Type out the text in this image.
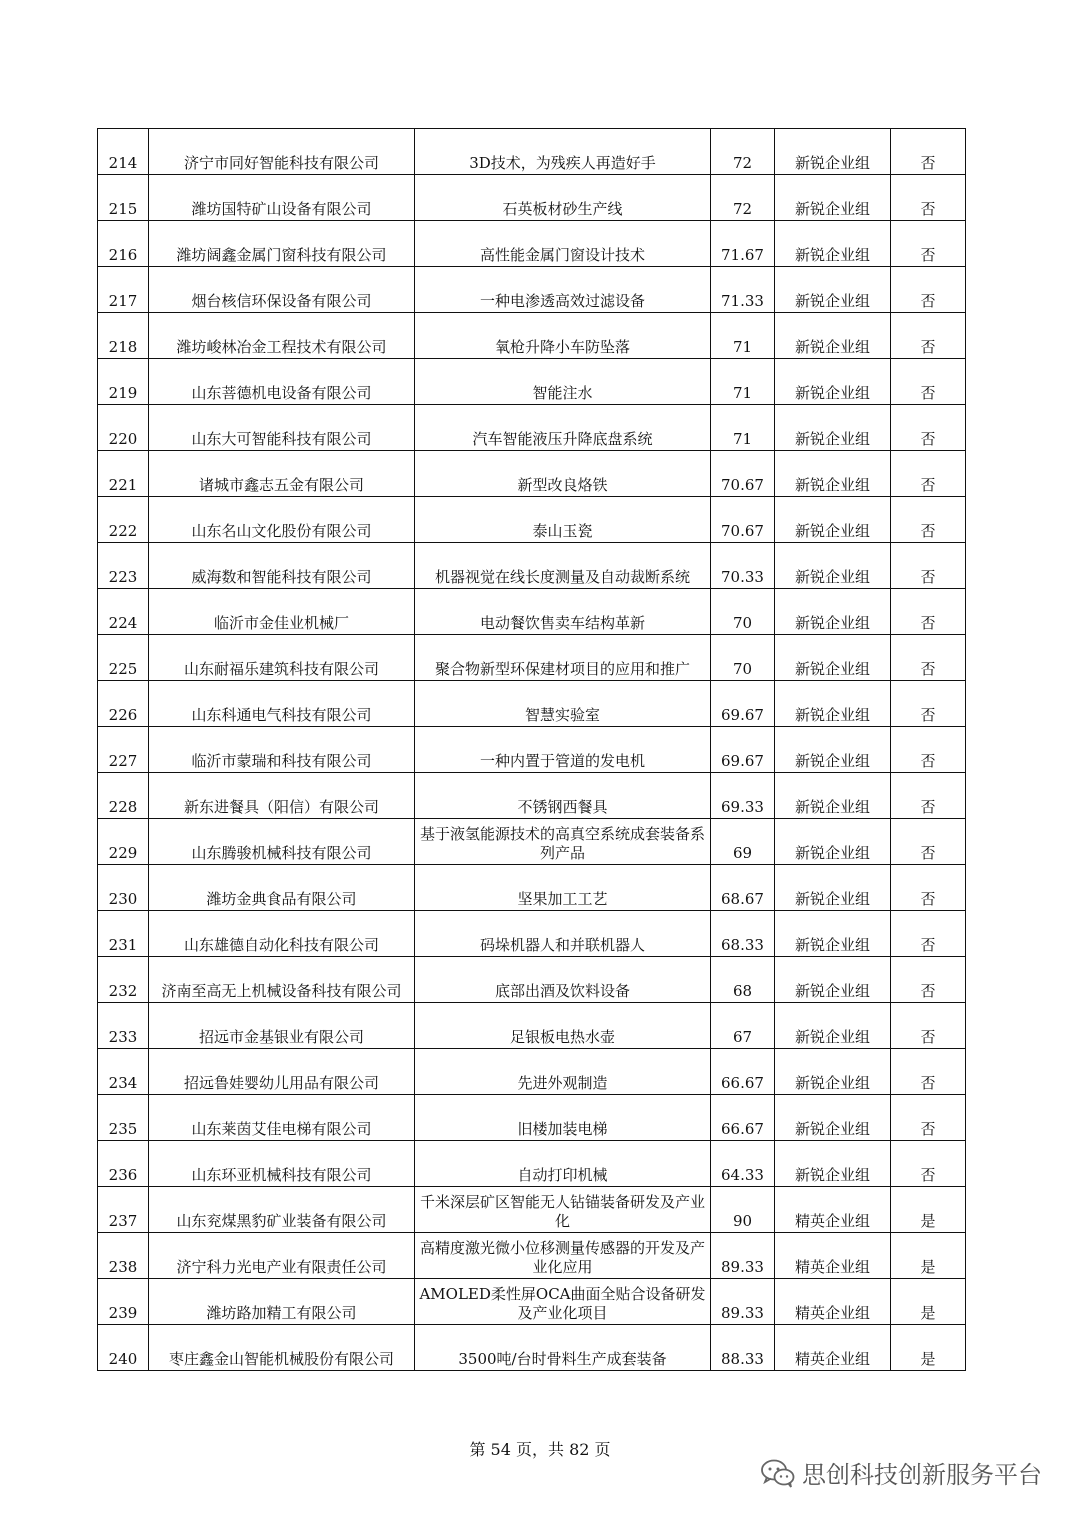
214	济宁市同好智能科技有限公司	3D技术，为残疾人再造好手	72	新锐企业组	否
215	潍坊国特矿山设备有限公司	石英板材砂生产线	72	新锐企业组	否
216	潍坊阔鑫金属门窗科技有限公司	高性能金属门窗设计技术	71.67	新锐企业组	否
217	烟台核信环保设备有限公司	一种电渗透高效过滤设备	71.33	新锐企业组	否
218	潍坊峻林冶金工程技术有限公司	氧枪升降小车防坠落	71	新锐企业组	否
219	山东菩德机电设备有限公司	智能注水	71	新锐企业组	否
220	山东大可智能科技有限公司	汽车智能液压升降底盘系统	71	新锐企业组	否
221	诸城市鑫志五金有限公司	新型改良烙铁	70.67	新锐企业组	否
222	山东名山文化股份有限公司	泰山玉瓷	70.67	新锐企业组	否
223	威海数和智能科技有限公司	机器视觉在线长度测量及自动裁断系统	70.33	新锐企业组	否
224	临沂市金佳业机械厂	电动餐饮售卖车结构革新	70	新锐企业组	否
225	山东耐福乐建筑科技有限公司	聚合物新型环保建材项目的应用和推广	70	新锐企业组	否
226	山东科通电气科技有限公司	智慧实验室	69.67	新锐企业组	否
227	临沂市蒙瑞和科技有限公司	一种内置于管道的发电机	69.67	新锐企业组	否
228	新东进餐具（阳信）有限公司	不锈钢西餐具	69.33	新锐企业组	否
229	山东腾骏机械科技有限公司	基于液氢能源技术的高真空系统成套装备系列产品	69	新锐企业组	否
230	潍坊金典食品有限公司	坚果加工工艺	68.67	新锐企业组	否
231	山东雄德自动化科技有限公司	码垛机器人和并联机器人	68.33	新锐企业组	否
232	济南至高无上机械设备科技有限公司	底部出酒及饮料设备	68	新锐企业组	否
233	招远市金基银业有限公司	足银板电热水壶	67	新锐企业组	否
234	招远鲁娃婴幼儿用品有限公司	先进外观制造	66.67	新锐企业组	否
235	山东莱茵艾佳电梯有限公司	旧楼加装电梯	66.67	新锐企业组	否
236	山东环亚机械科技有限公司	自动打印机械	64.33	新锐企业组	否
237	山东兖煤黑豹矿业装备有限公司	千米深层矿区智能无人钻锚装备研发及产业化	90	精英企业组	是
238	济宁科力光电产业有限责任公司	高精度激光微小位移测量传感器的开发及产业化应用	89.33	精英企业组	是
239	潍坊路加精工有限公司	AMOLED柔性屏OCA曲面全贴合设备研发及产业化项目	89.33	精英企业组	是
240	枣庄鑫金山智能机械股份有限公司	3500吨/台时骨料生产成套装备	88.33	精英企业组	是
第 54 页，共 82 页
思创科技创新服务平台
